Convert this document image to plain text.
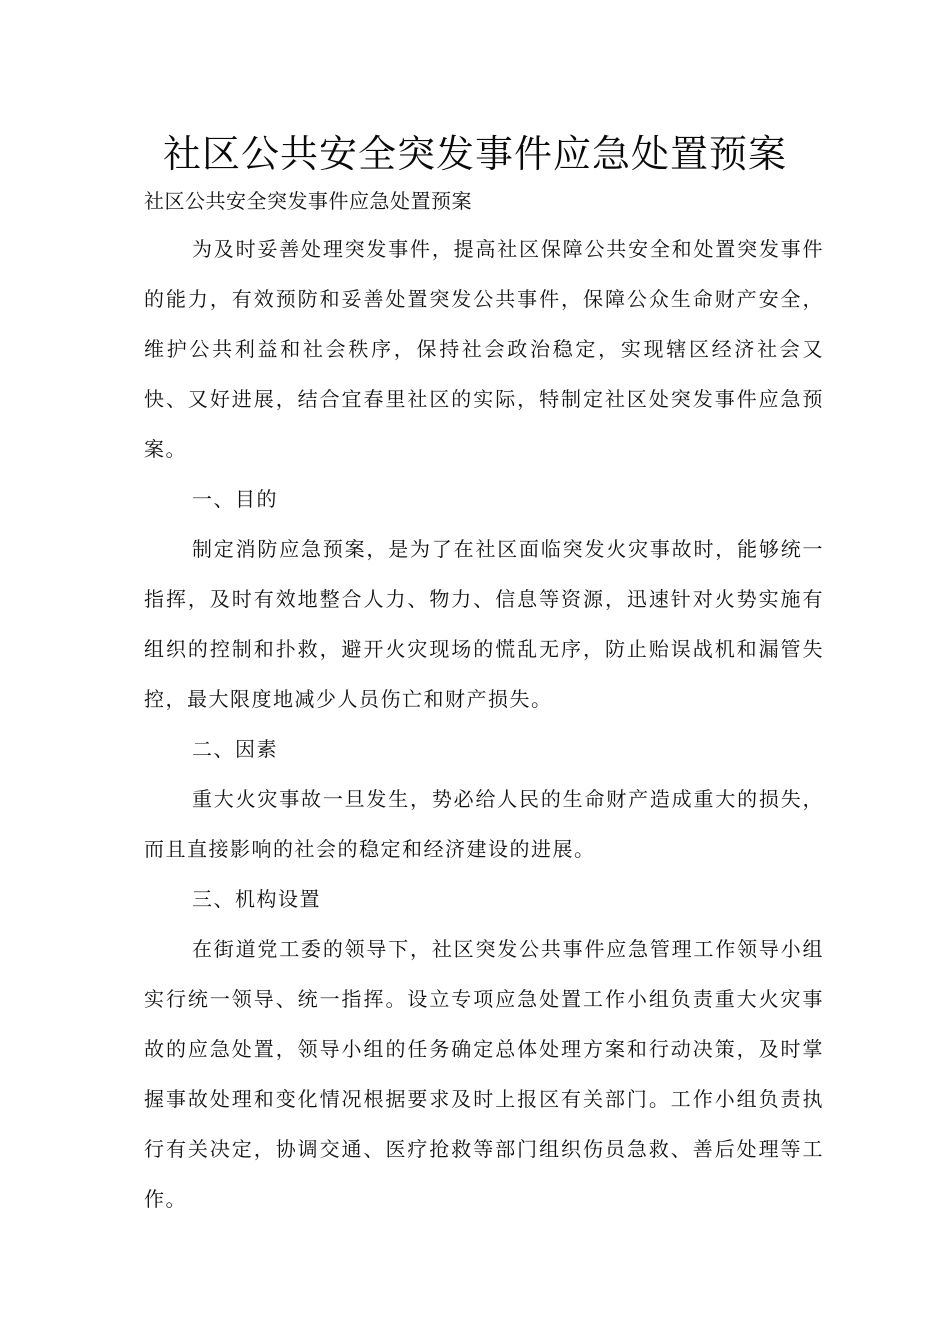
社区公共安全突发事件应急处置预案
社区公共安全突发事件应急处置预案
为及时妥善处理突发事件，提高社区保障公共安全和处置突发事件的能力，有效预防和妥善处置突发公共事件，保障公众生命财产安全，维护公共利益和社会秩序，保持社会政治稳定，实现辖区经济社会又快、又好进展，结合宜春里社区的实际，特制定社区处突发事件应急预案。
一、目的
制定消防应急预案，是为了在社区面临突发火灾事故时，能够统一指挥，及时有效地整合人力、物力、信息等资源，迅速针对火势实施有组织的控制和扑救，避开火灾现场的慌乱无序，防止贻误战机和漏管失控，最大限度地减少人员伤亡和财产损失。
二、因素
重大火灾事故一旦发生，势必给人民的生命财产造成重大的损失，而且直接影响的社会的稳定和经济建设的进展。
三、机构设置
在街道党工委的领导下，社区突发公共事件应急管理工作领导小组实行统一领导、统一指挥。设立专项应急处置工作小组负责重大火灾事故的应急处置，领导小组的任务确定总体处理方案和行动决策，及时掌握事故处理和变化情况根据要求及时上报区有关部门。工作小组负责执行有关决定，协调交通、医疗抢救等部门组织伤员急救、善后处理等工作。
